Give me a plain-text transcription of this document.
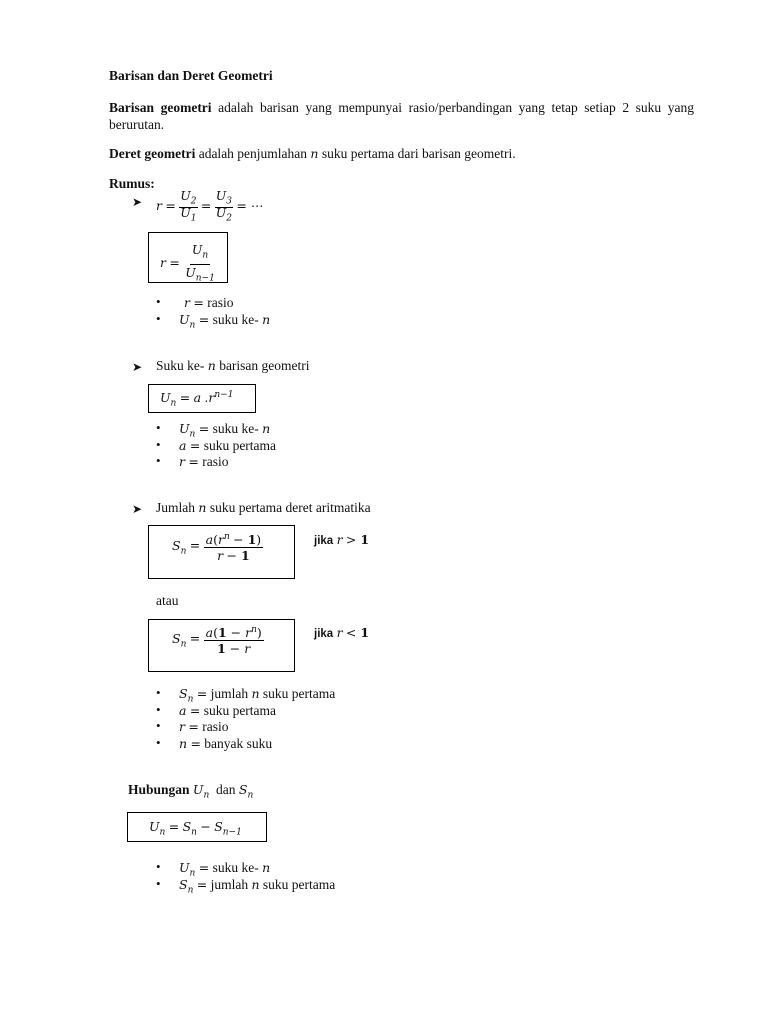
Barisan dan Deret Geometri
Barisan geometri adalah barisan yang mempunyai rasio/perbandingan yang tetap setiap 2 suku yang berurutan.
Deret geometri adalah penjumlahan n suku pertama dari barisan geometri.
Rumus:
➤ $r = \frac{U_2}{U_1} = \frac{U_3}{U_2}$ = ⋯
$r = \frac{U_n}{U_{n-1}}$
• r = rasio
• $U_n$ = suku ke- n
➤ Suku ke- n barisan geometri
$U_n = a$ $.r^{n-1}$
• $U_n$ = suku ke- n
• a = suku pertama
• r = rasio
➤ Jumlah n suku pertama deret aritmatika
$S_n = \frac{a(r^n - 1)}{r - 1}$	jika r > 1
atau
$S_n = \frac{a(1 - r^n)}{1 - r}$	jika r < 1
• $S_n$ = jumlah n suku pertama
• a = suku pertama
• r = rasio
• n = banyak suku
Hubungan $U_n$ dan $S_n$
$U_n = S_n - S_{n-1}$
• $U_n$ = suku ke- n
• $S_n$ = jumlah n suku pertama
